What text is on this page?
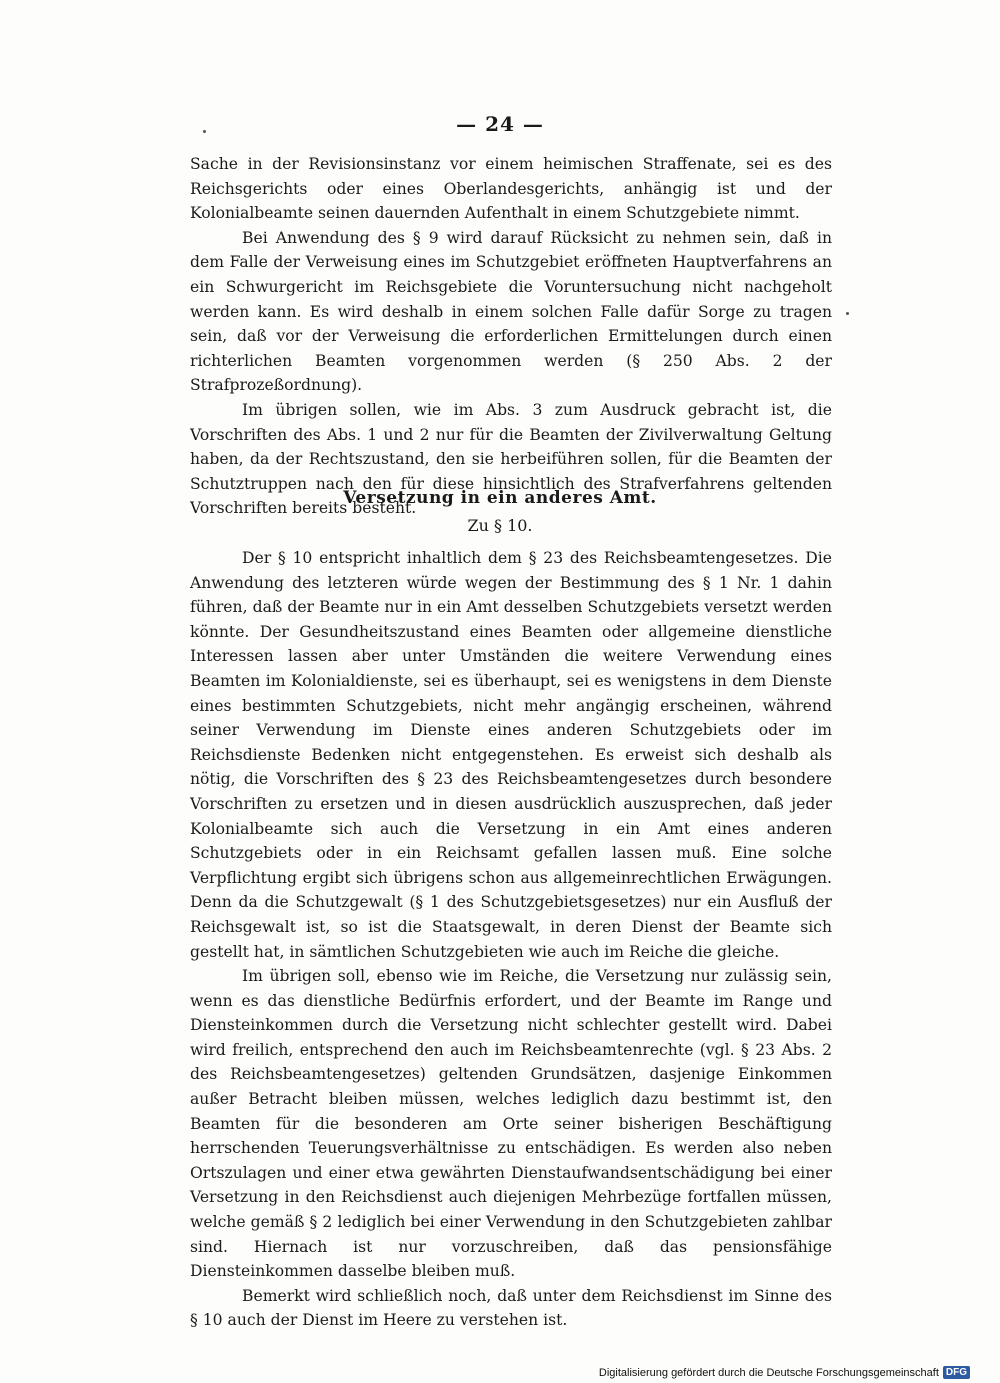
— 24 —

Sache in der Revisionsinstanz vor einem heimischen Straffenate, sei es des Reichsgerichts oder eines Oberlandesgerichts, anhängig ist und der Kolonialbeamte seinen dauernden Aufenthalt in einem Schutzgebiete nimmt.

Bei Anwendung des § 9 wird darauf Rücksicht zu nehmen sein, daß in dem Falle der Verweisung eines im Schutzgebiet eröffneten Hauptverfahrens an ein Schwurgericht im Reichsgebiete die Voruntersuchung nicht nachgeholt werden kann. Es wird deshalb in einem solchen Falle dafür Sorge zu tragen sein, daß vor der Verweisung die erforderlichen Ermittelungen durch einen richterlichen Beamten vorgenommen werden (§ 250 Abs. 2 der Strafprozeßordnung).

Im übrigen sollen, wie im Abs. 3 zum Ausdruck gebracht ist, die Vorschriften des Abs. 1 und 2 nur für die Beamten der Zivilverwaltung Geltung haben, da der Rechtszustand, den sie herbeiführen sollen, für die Beamten der Schutztruppen nach den für diese hinsichtlich des Strafverfahrens geltenden Vorschriften bereits besteht.

Versetzung in ein anderes Amt.
Zu § 10.

Der § 10 entspricht inhaltlich dem § 23 des Reichsbeamtengesetzes. Die Anwendung des letzteren würde wegen der Bestimmung des § 1 Nr. 1 dahin führen, daß der Beamte nur in ein Amt desselben Schutzgebiets versetzt werden könnte. Der Gesundheitszustand eines Beamten oder allgemeine dienstliche Interessen lassen aber unter Umständen die weitere Verwendung eines Beamten im Kolonialdienste, sei es überhaupt, sei es wenigstens in dem Dienste eines bestimmten Schutzgebiets, nicht mehr angängig erscheinen, während seiner Verwendung im Dienste eines anderen Schutzgebiets oder im Reichsdienste Bedenken nicht entgegenstehen. Es erweist sich deshalb als nötig, die Vorschriften des § 23 des Reichsbeamtengesetzes durch besondere Vorschriften zu ersetzen und in diesen ausdrücklich auszusprechen, daß jeder Kolonialbeamte sich auch die Versetzung in ein Amt eines anderen Schutzgebiets oder in ein Reichsamt gefallen lassen muß. Eine solche Verpflichtung ergibt sich übrigens schon aus allgemeinrechtlichen Erwägungen. Denn da die Schutzgewalt (§ 1 des Schutzgebietsgesetzes) nur ein Ausfluß der Reichsgewalt ist, so ist die Staatsgewalt, in deren Dienst der Beamte sich gestellt hat, in sämtlichen Schutzgebieten wie auch im Reiche die gleiche.

Im übrigen soll, ebenso wie im Reiche, die Versetzung nur zulässig sein, wenn es das dienstliche Bedürfnis erfordert, und der Beamte im Range und Diensteinkommen durch die Versetzung nicht schlechter gestellt wird. Dabei wird freilich, entsprechend den auch im Reichsbeamtenrechte (vgl. § 23 Abs. 2 des Reichsbeamtengesetzes) geltenden Grundsätzen, dasjenige Einkommen außer Betracht bleiben müssen, welches lediglich dazu bestimmt ist, den Beamten für die besonderen am Orte seiner bisherigen Beschäftigung herrschenden Teuerungsverhältnisse zu entschädigen. Es werden also neben Ortszulagen und einer etwa gewährten Dienstaufwandsentschädigung bei einer Versetzung in den Reichsdienst auch diejenigen Mehrbezüge fortfallen müssen, welche gemäß § 2 lediglich bei einer Verwendung in den Schutzgebieten zahlbar sind. Hiernach ist nur vorzuschreiben, daß das pensionsfähige Diensteinkommen dasselbe bleiben muß.

Bemerkt wird schließlich noch, daß unter dem Reichsdienst im Sinne des § 10 auch der Dienst im Heere zu verstehen ist.

Digitalisierung gefördert durch die Deutsche Forschungsgemeinschaft DFG
